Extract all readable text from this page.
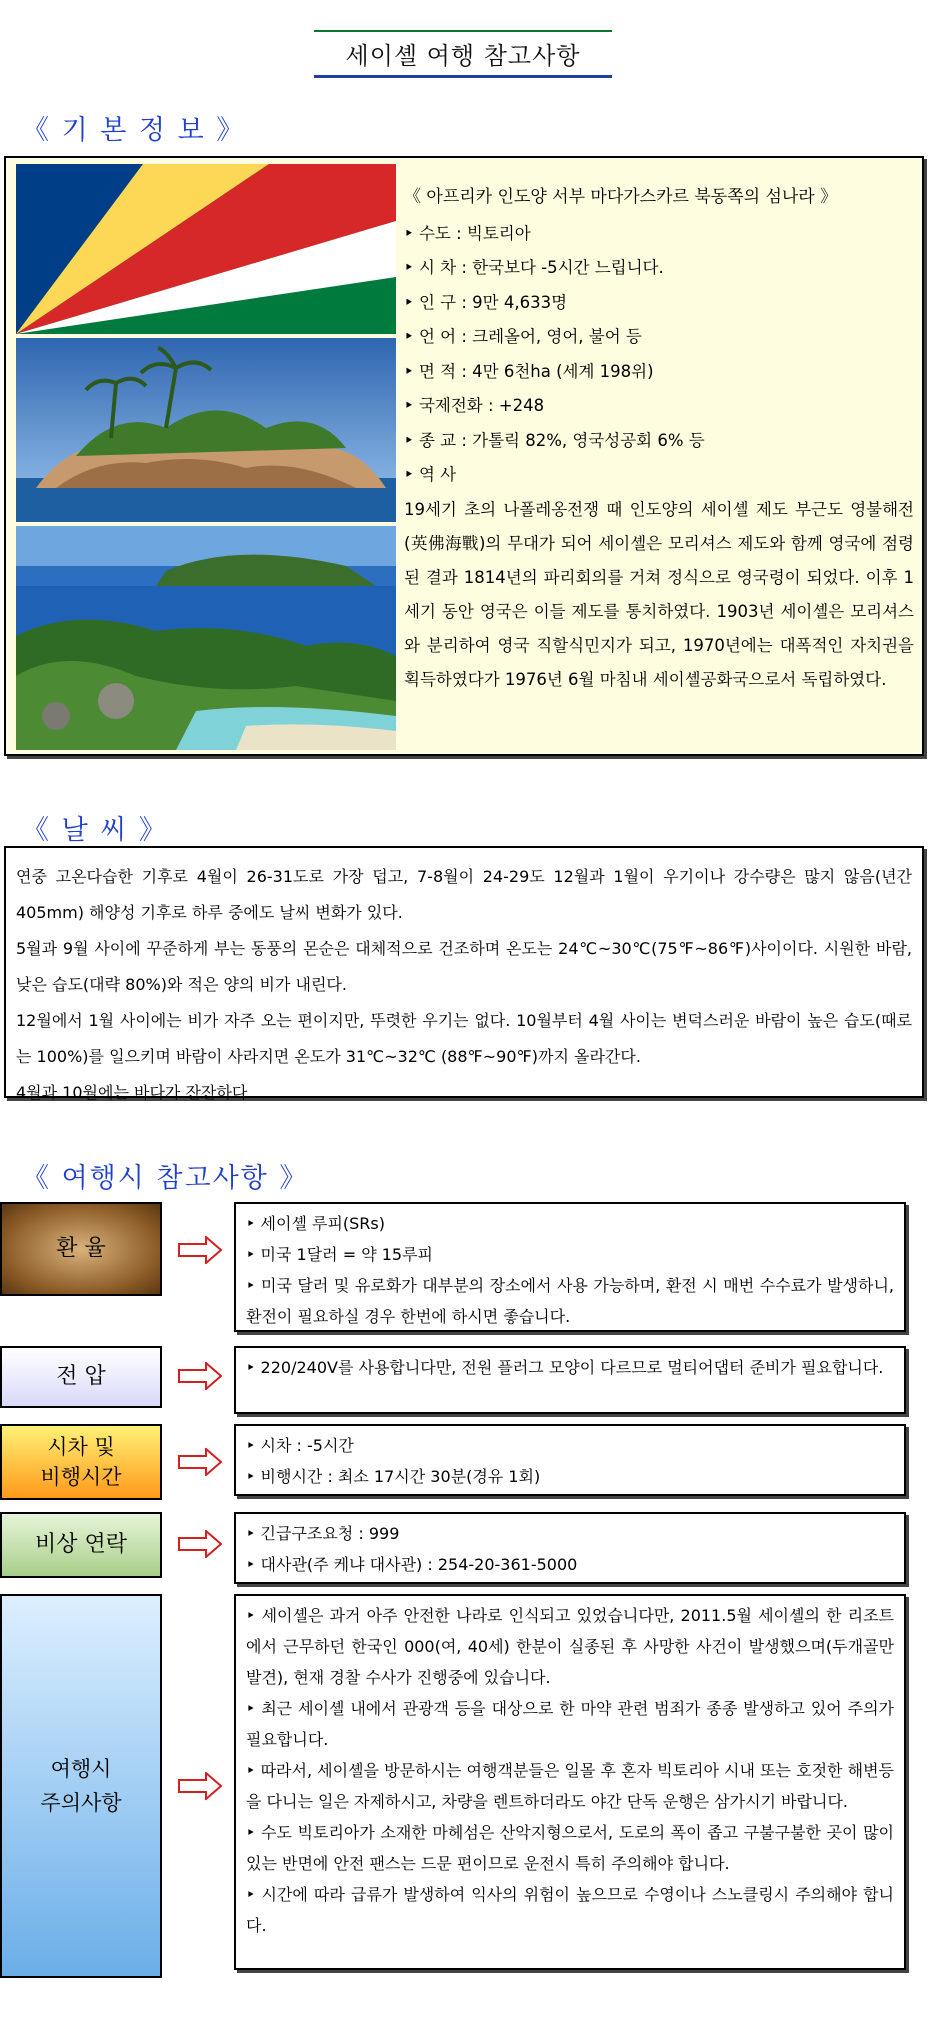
세이셸 여행 참고사항
《 기 본 정 보 》
《 아프리카 인도양 서부 마다가스카르 북동쪽의 섬나라 》
‣ 수도 : 빅토리아
‣ 시 차 : 한국보다 -5시간 느립니다.
‣ 인 구 : 9만 4,633명
‣ 언 어 : 크레올어, 영어, 불어 등
‣ 면 적 : 4만 6천ha (세계 198위)
‣ 국제전화 : +248
‣ 종 교 : 가톨릭 82%, 영국성공회 6% 등
‣ 역 사
19세기 초의 나폴레옹전쟁 때 인도양의 세이셸 제도 부근도 영불해전(英佛海戰)의 무대가 되어 세이셸은 모리셔스 제도와 함께 영국에 점령된 결과 1814년의 파리회의를 거쳐 정식으로 영국령이 되었다. 이후 1세기 동안 영국은 이들 제도를 통치하였다. 1903년 세이셸은 모리셔스와 분리하여 영국 직할식민지가 되고, 1970년에는 대폭적인 자치권을 획득하였다가 1976년 6월 마침내 세이셸공화국으로서 독립하였다.
《 날 씨 》

연중 고온다습한 기후로 4월이 26-31도로 가장 덥고, 7-8월이 24-29도 12월과 1월이 우기이나 강수량은 많지 않음(년간 405mm) 해양성 기후로 하루 중에도 날씨 변화가 있다.

5월과 9월 사이에 꾸준하게 부는 동풍의 몬순은 대체적으로 건조하며 온도는 24℃~30℃(75℉~86℉)사이이다. 시원한 바람, 낮은 습도(대략 80%)와 적은 양의 비가 내린다.

12월에서 1월 사이에는 비가 자주 오는 편이지만, 뚜렷한 우기는 없다. 10월부터 4월 사이는 변덕스러운 바람이 높은 습도(때로는 100%)를 일으키며 바람이 사라지면 온도가 31℃~32℃ (88℉~90℉)까지 올라간다.

4월과 10월에는 바다가 잔잔하다.

《 여행시 참고사항 》
환 율
‣ 세이셸 루피(SRs)
‣ 미국 1달러 = 약 15루피
‣ 미국 달러 및 유로화가 대부분의 장소에서 사용 가능하며, 환전 시 매번 수수료가 발생하니, 환전이 필요하실 경우 한번에 하시면 좋습니다.
전 압	‣ 220/240V를 사용합니다만, 전원 플러그 모양이 다르므로 멀티어댑터 준비가 필요합니다.
시차 및
비행시간
‣ 시차 : -5시간
‣ 비행시간 : 최소 17시간 30분(경유 1회)
비상 연락	‣ 긴급구조요청 : 999
‣ 대사관(주 케냐 대사관) : 254-20-361-5000
여행시
주의사항
‣ 세이셸은 과거 아주 안전한 나라로 인식되고 있었습니다만, 2011.5월 세이셸의 한 리조트에서 근무하던 한국인 000(여, 40세) 한분이 실종된 후 사망한 사건이 발생했으며(두개골만 발견), 현재 경찰 수사가 진행중에 있습니다.
‣ 최근 세이셸 내에서 관광객 등을 대상으로 한 마약 관련 범죄가 종종 발생하고 있어 주의가 필요합니다.
‣ 따라서, 세이셸을 방문하시는 여행객분들은 일몰 후 혼자 빅토리아 시내 또는 호젓한 해변등을 다니는 일은 자제하시고, 차량을 렌트하더라도 야간 단독 운행은 삼가시기 바랍니다.
‣ 수도 빅토리아가 소재한 마헤섬은 산악지형으로서, 도로의 폭이 좁고 구불구불한 곳이 많이 있는 반면에 안전 팬스는 드문 편이므로 운전시 특히 주의해야 합니다.
‣ 시간에 따라 급류가 발생하여 익사의 위험이 높으므로 수영이나 스노클링시 주의해야 합니다.
